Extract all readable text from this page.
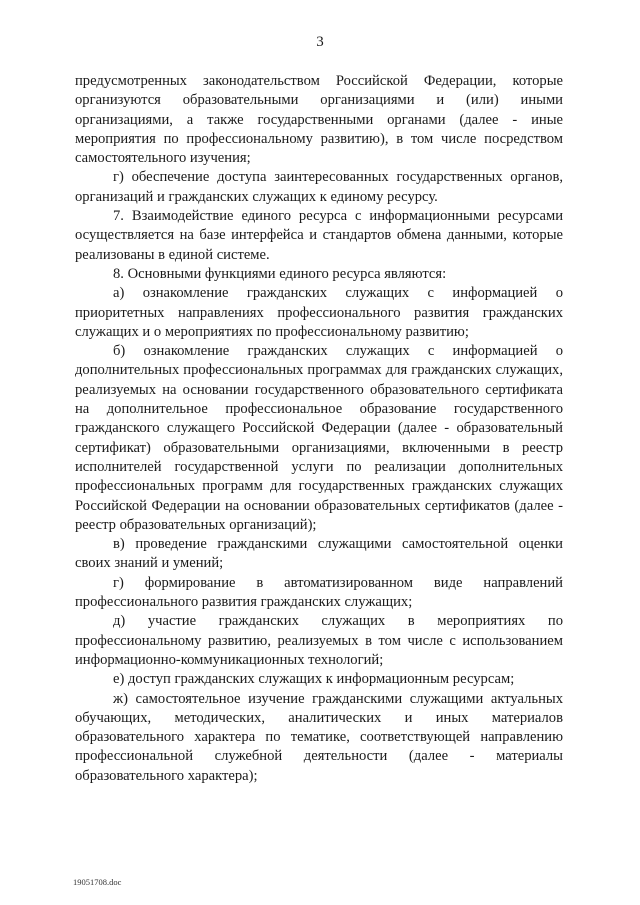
3

предусмотренных законодательством Российской Федерации, которые организуются образовательными организациями и (или) иными организациями, а также государственными органами (далее - иные мероприятия по профессиональному развитию), в том числе посредством самостоятельного изучения;

г) обеспечение доступа заинтересованных государственных органов, организаций и гражданских служащих к единому ресурсу.

7. Взаимодействие единого ресурса с информационными ресурсами осуществляется на базе интерфейса и стандартов обмена данными, которые реализованы в единой системе.

8. Основными функциями единого ресурса являются:

а) ознакомление гражданских служащих с информацией о приоритетных направлениях профессионального развития гражданских служащих и о мероприятиях по профессиональному развитию;

б) ознакомление гражданских служащих с информацией о дополнительных профессиональных программах для гражданских служащих, реализуемых на основании государственного образовательного сертификата на дополнительное профессиональное образование государственного гражданского служащего Российской Федерации (далее - образовательный сертификат) образовательными организациями, включенными в реестр исполнителей государственной услуги по реализации дополнительных профессиональных программ для государственных гражданских служащих Российской Федерации на основании образовательных сертификатов (далее - реестр образовательных организаций);

в) проведение гражданскими служащими самостоятельной оценки своих знаний и умений;

г) формирование в автоматизированном виде направлений профессионального развития гражданских служащих;

д) участие гражданских служащих в мероприятиях по профессиональному развитию, реализуемых в том числе с использованием информационно-коммуникационных технологий;

е) доступ гражданских служащих к информационным ресурсам;

ж) самостоятельное изучение гражданскими служащими актуальных обучающих, методических, аналитических и иных материалов образовательного характера по тематике, соответствующей направлению профессиональной служебной деятельности (далее - материалы образовательного характера);

19051708.doc
